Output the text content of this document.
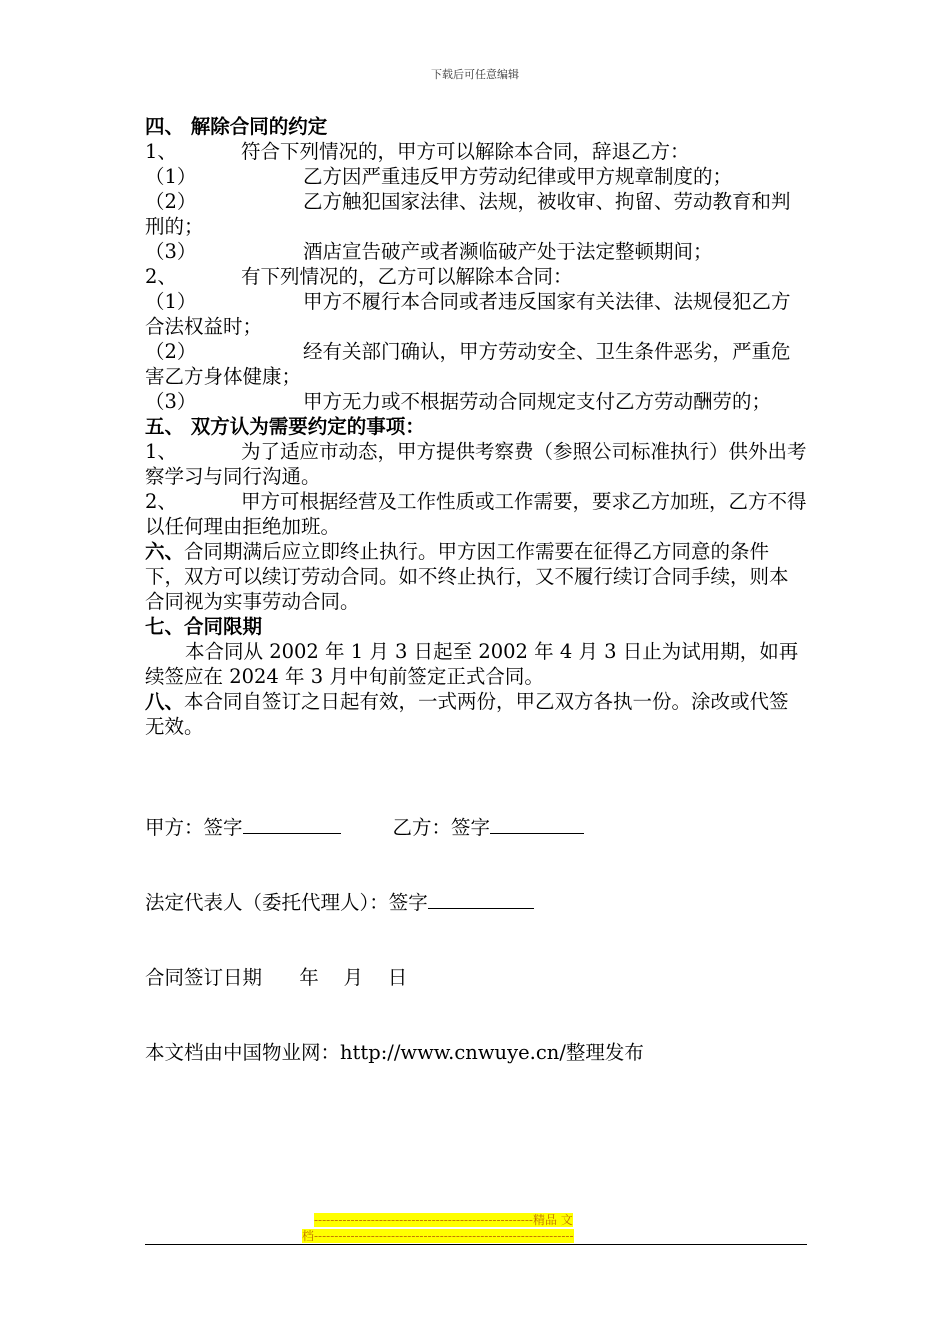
下载后可任意编辑

四、 解除合同的约定

1、	符合下列情况的，甲方可以解除本合同，辞退乙方：
（1）	乙方因严重违反甲方劳动纪律或甲方规章制度的；
（2）	乙方触犯国家法律、法规，被收审、拘留、劳动教育和判刑的；
（3）	酒店宣告破产或者濒临破产处于法定整顿期间；
2、	有下列情况的，乙方可以解除本合同：
（1）	甲方不履行本合同或者违反国家有关法律、法规侵犯乙方合法权益时；
（2）	经有关部门确认，甲方劳动安全、卫生条件恶劣，严重危害乙方身体健康；
（3）	甲方无力或不根据劳动合同规定支付乙方劳动酬劳的；

五、 双方认为需要约定的事项：

1、	为了适应市动态，甲方提供考察费（参照公司标准执行）供外出考察学习与同行沟通。
2、	甲方可根据经营及工作性质或工作需要，要求乙方加班，乙方不得以任何理由拒绝加班。

六、合同期满后应立即终止执行。甲方因工作需要在征得乙方同意的条件下，双方可以续订劳动合同。如不终止执行，又不履行续订合同手续，则本合同视为实事劳动合同。

七、合同限期

本合同从 2002 年 1 月 3 日起至 2002 年 4 月 3 日止为试用期，如再续签应在 2024 年 3 月中旬前签定正式合同。

八、本合同自签订之日起有效，一式两份，甲乙双方各执一份。涂改或代签无效。

甲方：签字	乙方：签字
法定代表人（委托代理人）：签字
合同签订日期      年    月    日
本文档由中国物业网：http://www.cnwuye.cn/整理发布
------------------------------------------------------精品 文
档----------------------------------------------------------------
